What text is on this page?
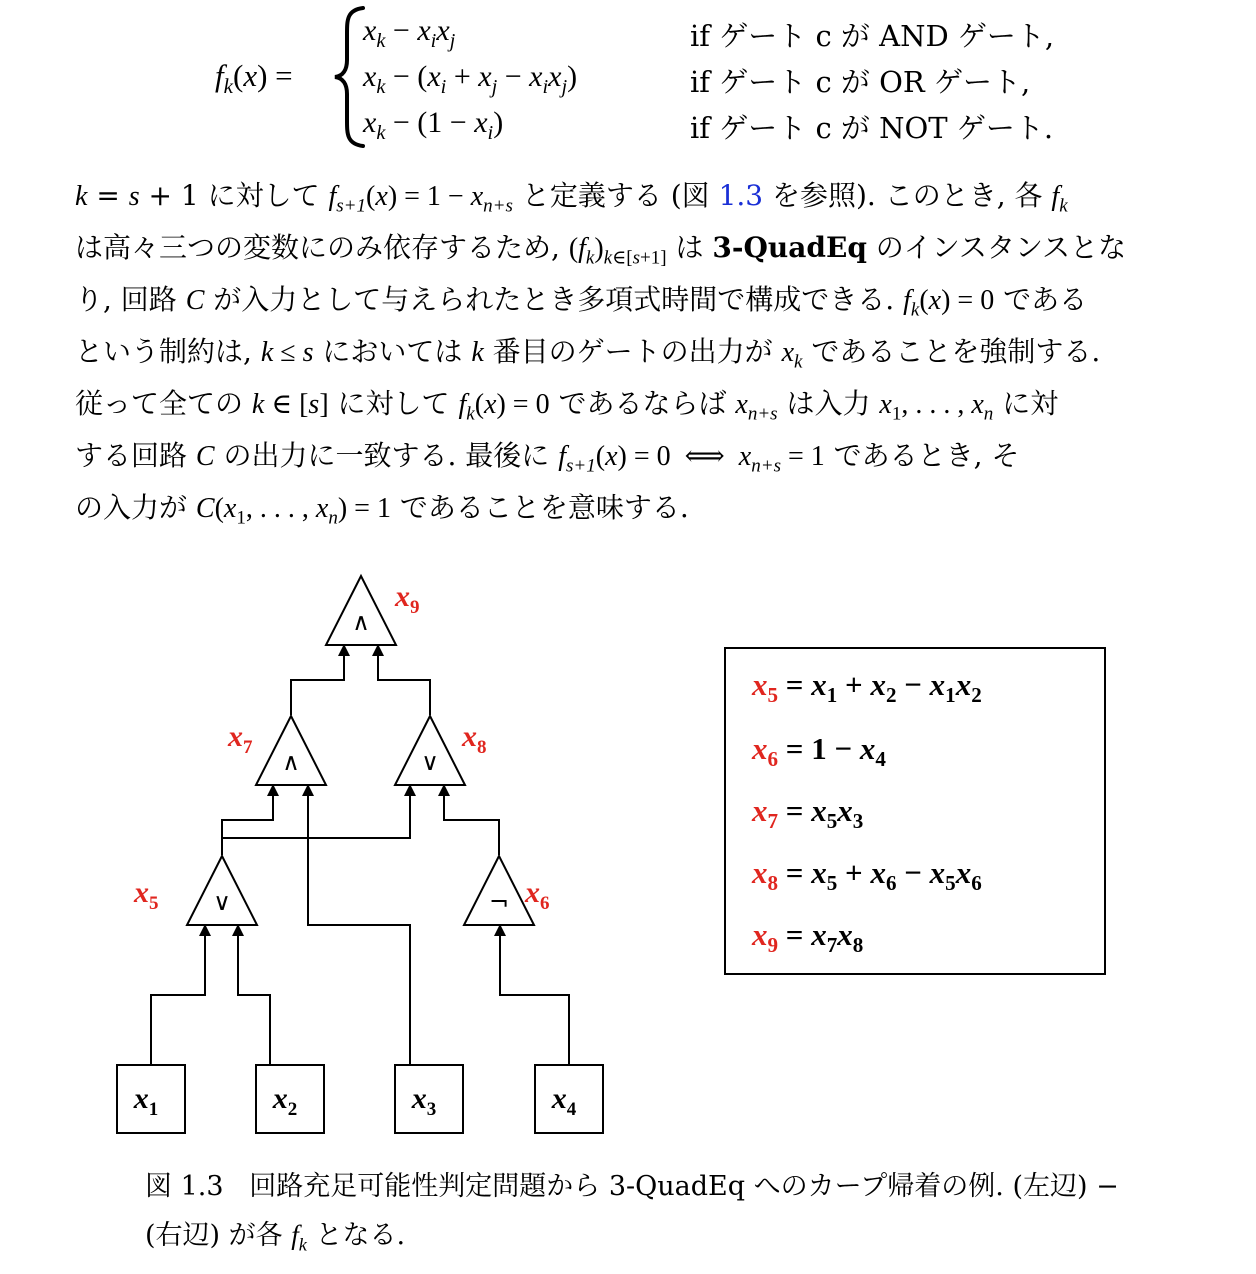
$f_k(x)$ =
$x_k - x_ix_j$	if ゲート c が AND ゲート,
$x_k - (x_i + x_j - x_ix_j)$	if ゲート c が OR ゲート,
$x_k - (1 - x_i)$	if ゲート c が NOT ゲート.
k = s + 1 に対して $f_{s+1}(x) = 1 - x_{n+s}$ と定義する (図 1.3 を参照). このとき, 各 $f_k$
は高々三つの変数にのみ依存するため, $(f_k)_{k\in[s+1]}$ は 3-QuadEq のインスタンスとな
り, 回路 C が入力として与えられたとき多項式時間で構成できる. $f_k(x) = 0$ である
という制約は, k ≤ s においては k 番目のゲートの出力が $x_k$ であることを強制する.
従って全ての k ∈ [s] に対して $f_k(x) = 0$ であるならば $x_{n+s}$ は入力 $x_1$, . . . , $x_n$ に対
する回路 C の出力に一致する. 最後に $f_{s+1}(x) = 0$  ⟺  $x_{n+s} = 1$ であるとき, そ
の入力が $C(x_1$, . . . , $x_n) = 1$ であることを意味する.
∧
∧	∨
∨	¬
$x_9$
$x_7$	$x_8$
$x_5$	$x_6$
$x_1$	$x_2$	$x_3$	$x_4$
$x_5 = x_1 + x_2 - x_1x_2$
$x_6 = 1 - x_4$
$x_7 = x_5x_3$
$x_8 = x_5 + x_6 - x_5x_6$
$x_9 = x_7x_8$
図 1.3   回路充足可能性判定問題から 3-QuadEq へのカープ帰着の例. (左辺) −
(右辺) が各 $f_k$ となる.
